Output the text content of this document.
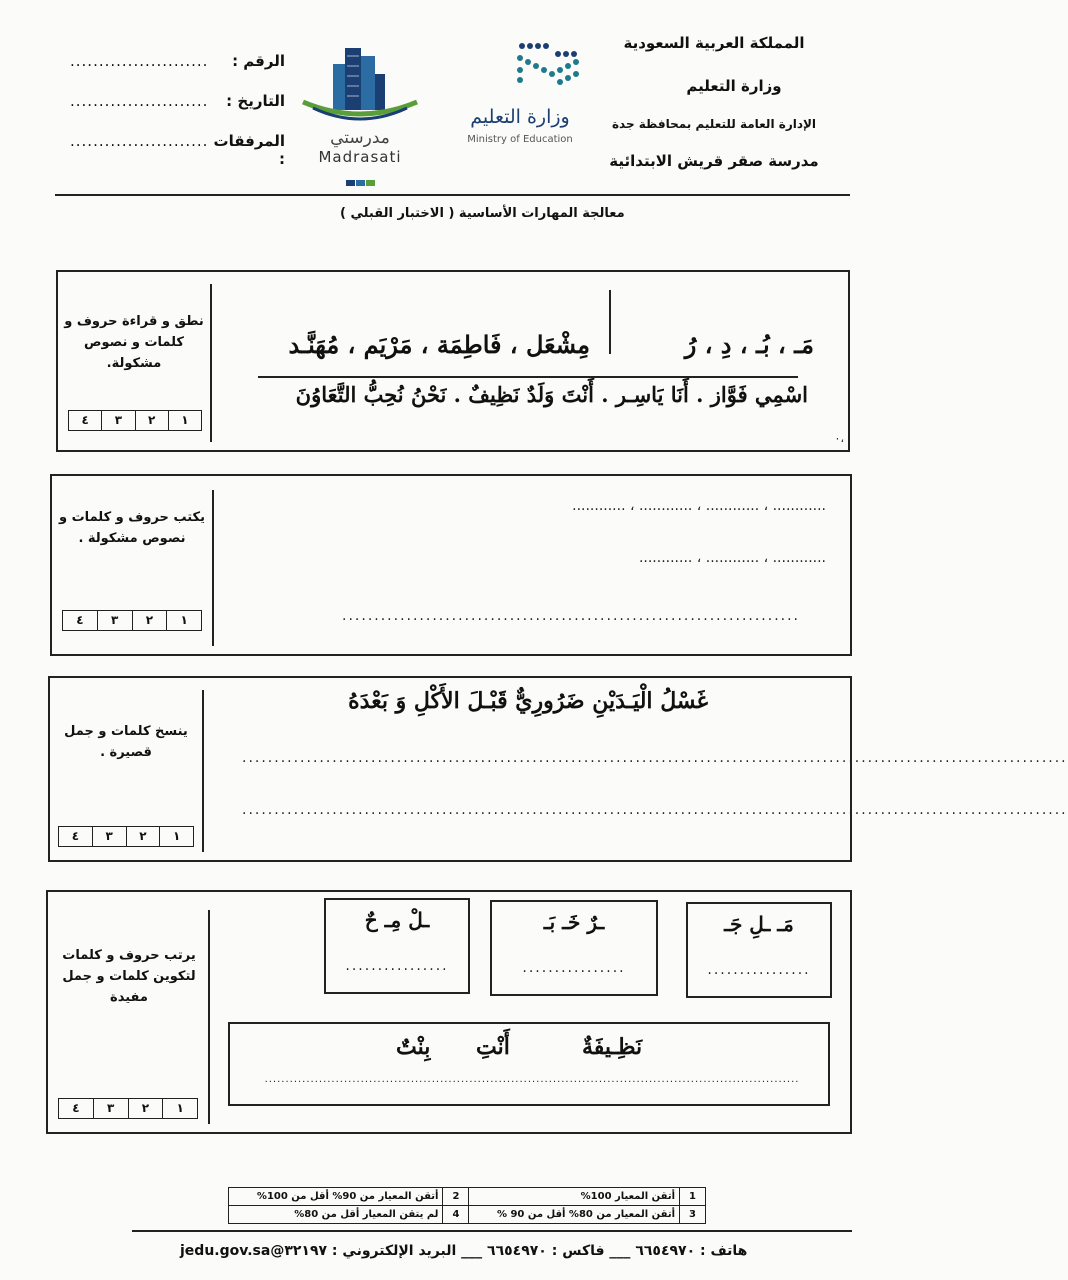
المملكة العربية السعودية
وزارة التعليم
الإدارة العامة للتعليم بمحافظة جدة
مدرسة صقر قريش الابتدائية
وزارة التعليم
Ministry of Education
مدرستي
Madrasati
الرقم :
........................
التاريخ :
........................
المرفقات :
........................
معالجة المهارات الأساسية ( الاختبار القبلي )
نطق و قراءة حروف و كلمات و نصوص مشكولة.
٤	٣	٢	١
مَـ ، بُـ ، دِ ، رُ
مِشْعَل ، فَاطِمَة ، مَرْيَم ، مُهَنَّـد
اسْمِي فَوَّاز . أَنَا يَاسِـر . أَنْتَ وَلَدٌ نَظِيفٌ . نَحْنُ نُحِبُّ التَّعَاوُنَ
٠،
يكتب حروف و كلمات و نصوص مشكولة .
٤	٣	٢	١
............ ، ............ ، ............ ، ............
............ ، ............ ، ............
.......................................................................
ينسخ كلمات و جمل قصيرة .
٤	٣	٢	١
غَسْلُ الْيَـدَيْنِ ضَرُورِيٌّ قَبْـلَ الأَكْلِ وَ بَعْدَهُ
................................................................................................................................
................................................................................................................................
يرتب حروف و كلمات لتكوين كلمات و جمل مفيدة
٤	٣	٢	١
مَـ ـلِ جَـ
................
ـرٌ خَـ بَـ
................
ـلْ مِـ حٌ
................
نَظِـيفَةٌ
أَنْتِ
بِنْتٌ
................................................................................................................................
1	أتقن المعيار 100%	2	أتقن المعيار من 90% أقل من 100%
3	أتقن المعيار من 80% أقل من 90 %	4	لم يتقن المعيار أقل من 80%
هاتف : ٦٦٥٤٩٧٠ ___ فاكس : ٦٦٥٤٩٧٠ ___ البريد الإلكتروني : ٣٢١٩٧@jedu.gov.sa
